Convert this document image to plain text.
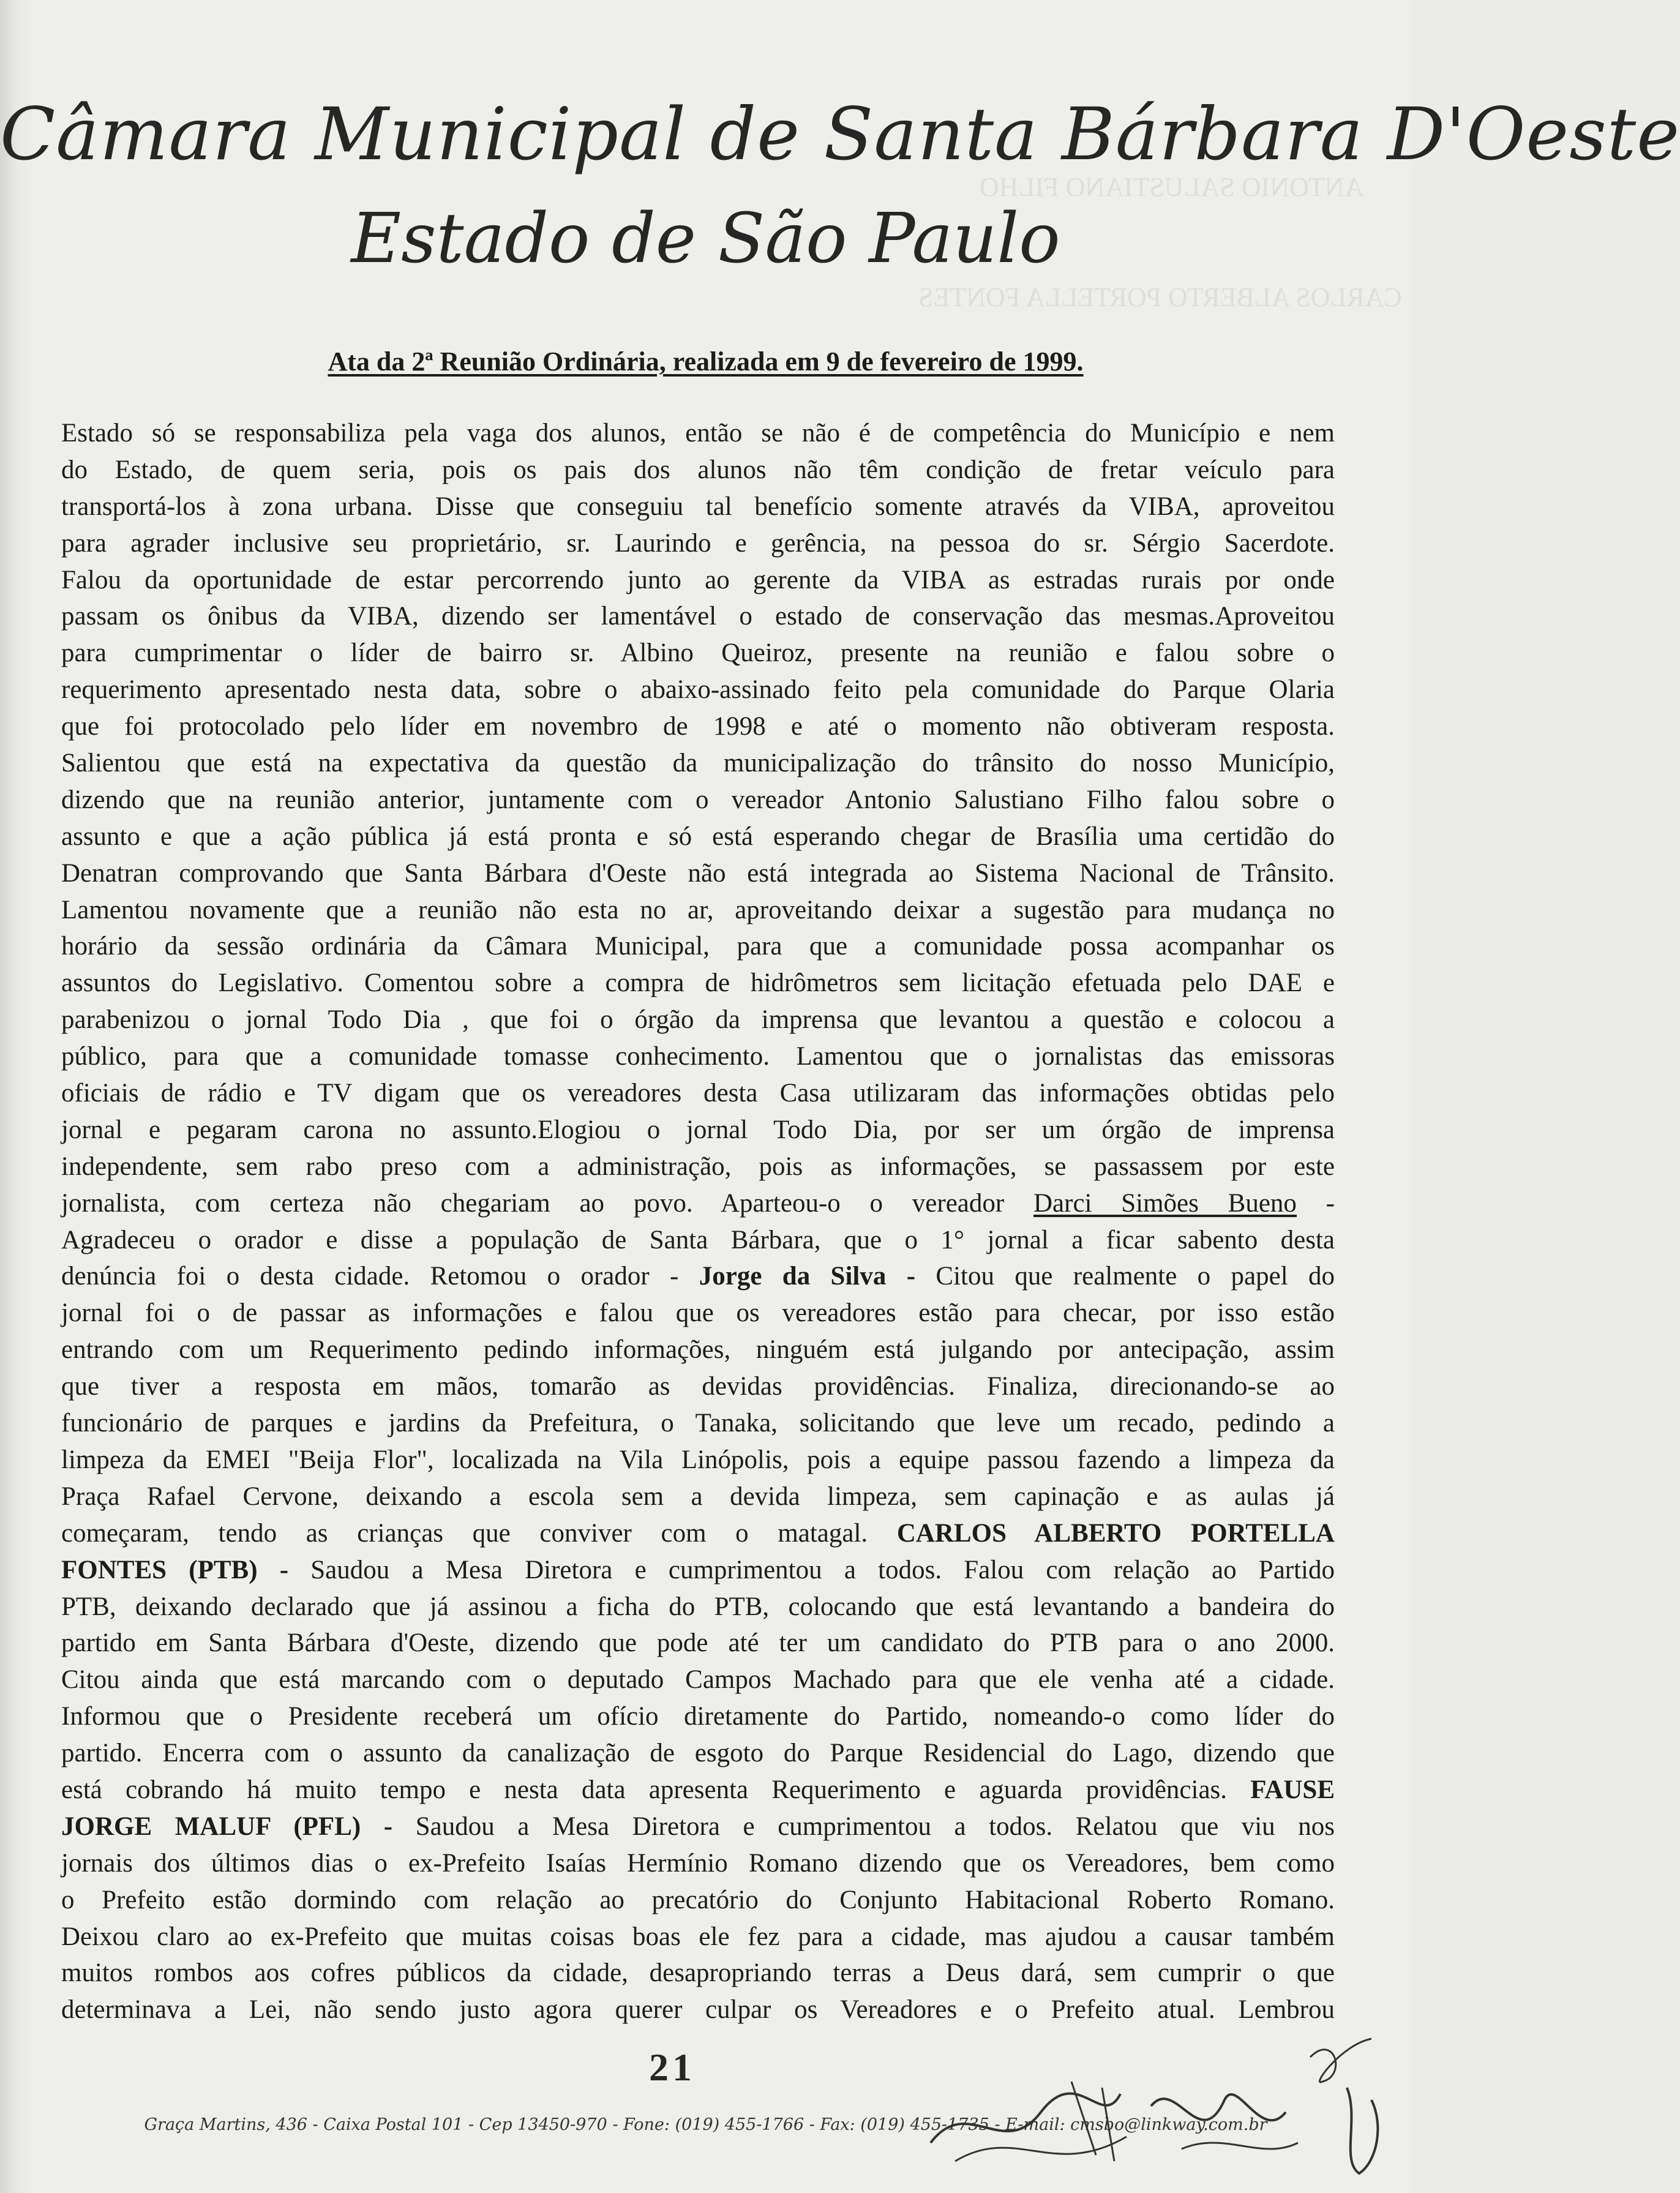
ANTONIO SALUSTIANO FILHO
CARLOS ALBERTO PORTELLA FONTES
Câmara Municipal de Santa Bárbara D'Oeste
Estado de São Paulo
Ata da 2ª Reunião Ordinária, realizada em 9 de fevereiro de 1999.
Estado só se responsabiliza pela vaga dos alunos, então se não é de competência do Município e nem
do Estado, de quem seria, pois os pais dos alunos não têm condição de fretar veículo para
transportá-los à zona urbana. Disse que conseguiu tal benefício somente através da VIBA, aproveitou
para agrader inclusive seu proprietário, sr. Laurindo e gerência, na pessoa do sr. Sérgio Sacerdote.
Falou da oportunidade de estar percorrendo junto ao gerente da VIBA as estradas rurais por onde
passam os ônibus da VIBA, dizendo ser lamentável o estado de conservação das mesmas.Aproveitou
para cumprimentar o líder de bairro sr. Albino Queiroz, presente na reunião e falou sobre o
requerimento apresentado nesta data, sobre o abaixo-assinado feito pela comunidade do Parque Olaria
que foi protocolado pelo líder em novembro de 1998 e até o momento não obtiveram resposta.
Salientou que está na expectativa da questão da municipalização do trânsito do nosso Município,
dizendo que na reunião anterior, juntamente com o vereador Antonio Salustiano Filho falou sobre o
assunto e que a ação pública já está pronta e só está esperando chegar de Brasília uma certidão do
Denatran comprovando que Santa Bárbara d'Oeste não está integrada ao Sistema Nacional de Trânsito.
Lamentou novamente que a reunião não esta no ar, aproveitando deixar a sugestão para mudança no
horário da sessão ordinária da Câmara Municipal, para que a comunidade possa acompanhar os
assuntos do Legislativo. Comentou sobre a compra de hidrômetros sem licitação efetuada pelo DAE e
parabenizou o jornal Todo Dia , que foi o órgão da imprensa que levantou a questão e colocou a
público, para que a comunidade tomasse conhecimento. Lamentou que o jornalistas das emissoras
oficiais de rádio e TV digam que os vereadores desta Casa utilizaram das informações obtidas pelo
jornal e pegaram carona no assunto.Elogiou o jornal Todo Dia, por ser um órgão de imprensa
independente, sem rabo preso com a administração, pois as informações, se passassem por este
jornalista, com certeza não chegariam ao povo. Aparteou-o o vereador Darci Simões Bueno -
Agradeceu o orador e disse a população de Santa Bárbara, que o 1° jornal a ficar sabento desta
denúncia foi o desta cidade. Retomou o orador - Jorge da Silva - Citou que realmente o papel do
jornal foi o de passar as informações e falou que os vereadores estão para checar, por isso estão
entrando com um Requerimento pedindo informações, ninguém está julgando por antecipação, assim
que tiver a resposta em mãos, tomarão as devidas providências. Finaliza, direcionando-se ao
funcionário de parques e jardins da Prefeitura, o Tanaka, solicitando que leve um recado, pedindo a
limpeza da EMEI "Beija Flor", localizada na Vila Linópolis, pois a equipe passou fazendo a limpeza da
Praça Rafael Cervone, deixando a escola sem a devida limpeza, sem capinação e as aulas já
começaram, tendo as crianças que conviver com o matagal. CARLOS ALBERTO PORTELLA
FONTES (PTB) - Saudou a Mesa Diretora e cumprimentou a todos. Falou com relação ao Partido
PTB, deixando declarado que já assinou a ficha do PTB, colocando que está levantando a bandeira do
partido em Santa Bárbara d'Oeste, dizendo que pode até ter um candidato do PTB para o ano 2000.
Citou ainda que está marcando com o deputado Campos Machado para que ele venha até a cidade.
Informou que o Presidente receberá um ofício diretamente do Partido, nomeando-o como líder do
partido. Encerra com o assunto da canalização de esgoto do Parque Residencial do Lago, dizendo que
está cobrando há muito tempo e nesta data apresenta Requerimento e aguarda providências. FAUSE
JORGE MALUF (PFL) - Saudou a Mesa Diretora e cumprimentou a todos. Relatou que viu nos
jornais dos últimos dias o ex-Prefeito Isaías Hermínio Romano dizendo que os Vereadores, bem como
o Prefeito estão dormindo com relação ao precatório do Conjunto Habitacional Roberto Romano.
Deixou claro ao ex-Prefeito que muitas coisas boas ele fez para a cidade, mas ajudou a causar também
muitos rombos aos cofres públicos da cidade, desapropriando terras a Deus dará, sem cumprir o que
determinava a Lei, não sendo justo agora querer culpar os Vereadores e o Prefeito atual. Lembrou
21
Graça Martins, 436 - Caixa Postal 101 - Cep 13450-970 - Fone: (019) 455-1766 - Fax: (019) 455-1735 - E-mail: cmsbo@linkway.com.br
